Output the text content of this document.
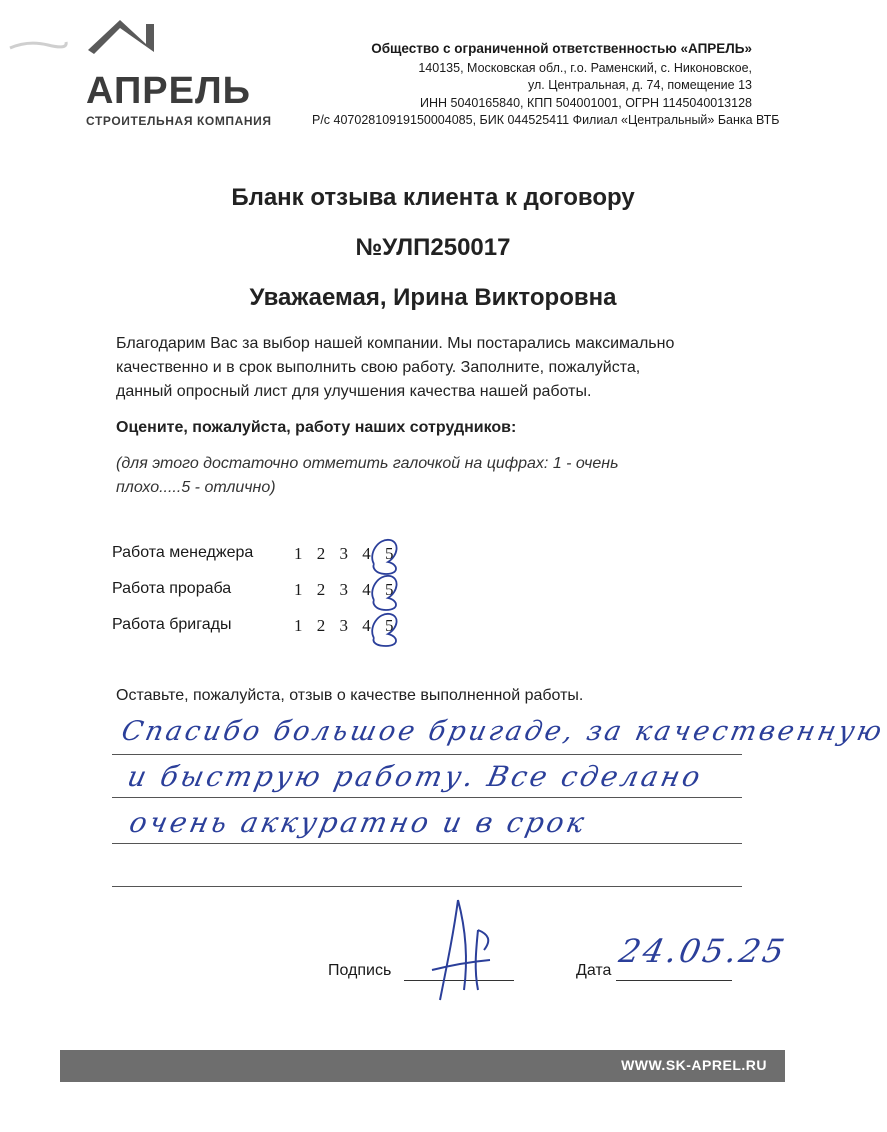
АПРЕЛЬ
СТРОИТЕЛЬНАЯ КОМПАНИЯ
Общество с ограниченной ответственностью «АПРЕЛЬ»
140135, Московская обл., г.о. Раменский, с. Никоновское,
ул. Центральная, д. 74, помещение 13
ИНН 5040165840, КПП 504001001, ОГРН 1145040013128
Р/с 40702810919150004085, БИК 044525411 Филиал «Центральный» Банка ВТБ
Бланк отзыва клиента к договору
№УЛП250017
Уважаемая, Ирина Викторовна
Благодарим Вас за выбор нашей компании. Мы постарались максимально
качественно и в срок выполнить свою работу. Заполните, пожалуйста,
данный опросный лист для улучшения качества нашей работы.
Оцените, пожалуйста, работу наших сотрудников:
(для этого достаточно отметить галочкой на цифрах: 1 - очень
плохо.....5 - отлично)
Работа менеджера 1 2 3 4 5
Работа прораба	1 2 3 4 5
Работа бригады	1 2 3 4 5
Оставьте, пожалуйста, отзыв о качестве выполненной работы.
Спасибо большое бригаде, за качественную
и быструю работу. Все сделано
очень аккуратно и в срок
Подпись	Дата
24.05.25
WWW.SK-APREL.RU
